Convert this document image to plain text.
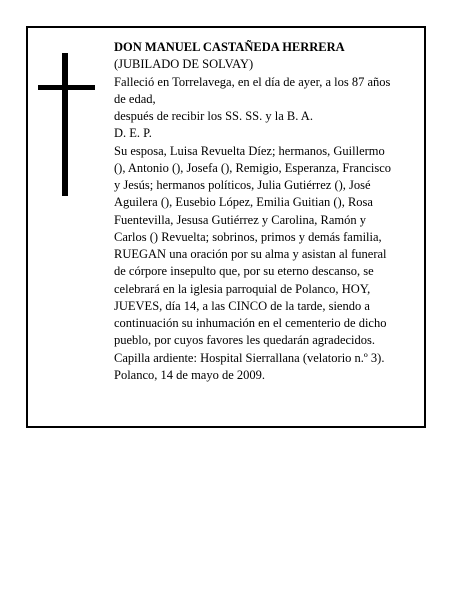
DON MANUEL CASTAÑEDA HERRERA
(JUBILADO DE SOLVAY)
Falleció en Torrelavega, en el día de ayer, a los 87 años
de edad,
después de recibir los SS. SS. y la B. A.
D. E. P.
Su esposa, Luisa Revuelta Díez; hermanos, Guillermo
(), Antonio (), Josefa (), Remigio, Esperanza, Francisco
y Jesús; hermanos políticos, Julia Gutiérrez (), José
Aguilera (), Eusebio López, Emilia Guitian (), Rosa
Fuentevilla, Jesusa Gutiérrez y Carolina, Ramón y
Carlos () Revuelta; sobrinos, primos y demás familia,
RUEGAN una oración por su alma y asistan al funeral
de córpore insepulto que, por su eterno descanso, se
celebrará en la iglesia parroquial de Polanco, HOY,
JUEVES, día 14, a las CINCO de la tarde, siendo a
continuación su inhumación en el cementerio de dicho
pueblo, por cuyos favores les quedarán agradecidos.
Capilla ardiente: Hospital Sierrallana (velatorio n.º 3).
Polanco, 14 de mayo de 2009.
